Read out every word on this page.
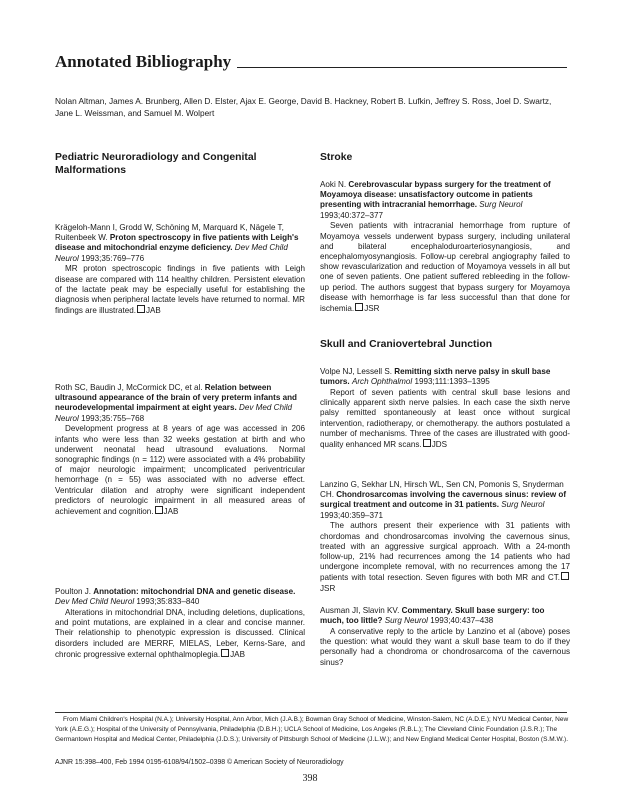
Annotated Bibliography
Nolan Altman, James A. Brunberg, Allen D. Elster, Ajax E. George, David B. Hackney, Robert B. Lufkin, Jeffrey S. Ross, Joel D. Swartz, Jane L. Weissman, and Samuel M. Wolpert
Pediatric Neuroradiology and Congenital Malformations
Krägeloh-Mann I, Grodd W, Schöning M, Marquard K, Nägele T, Ruitenbeek W. Proton spectroscopy in five patients with Leigh's disease and mitochondrial enzyme deficiency. Dev Med Child Neurol 1993;35:769–776
MR proton spectroscopic findings in five patients with Leigh disease are compared with 114 healthy children. Persistent elevation of the lactate peak may be especially useful for establishing the diagnosis when peripheral lactate levels have returned to normal. MR findings are illustrated. JAB
Roth SC, Baudin J, McCormick DC, et al. Relation between ultrasound appearance of the brain of very preterm infants and neurodevelopmental impairment at eight years. Dev Med Child Neurol 1993;35:755–768
Development progress at 8 years of age was accessed in 206 infants who were less than 32 weeks gestation at birth and who underwent neonatal head ultrasound evaluations. Normal sonographic findings (n = 112) were associated with a 4% probability of major neurologic impairment; uncomplicated periventricular hemorrhage (n = 55) was associated with no adverse effect. Ventricular dilation and atrophy were significant independent predictors of neurologic impairment in all measured areas of achievement and cognition. JAB
Poulton J. Annotation: mitochondrial DNA and genetic disease. Dev Med Child Neurol 1993;35:833–840
Alterations in mitochondrial DNA, including deletions, duplications, and point mutations, are explained in a clear and concise manner. Their relationship to phenotypic expression is discussed. Clinical disorders included are MERRF, MIELAS, Leber, Kerns-Sare, and chronic progressive external ophthalmoplegia. JAB
Stroke
Aoki N. Cerebrovascular bypass surgery for the treatment of Moyamoya disease: unsatisfactory outcome in patients presenting with intracranial hemorrhage. Surg Neurol 1993;40:372–377
Seven patients with intracranial hemorrhage from rupture of Moyamoya vessels underwent bypass surgery, including unilateral and bilateral encephaloduroarteriosynangiosis, and encephalomyosynangiosis. Follow-up cerebral angiography failed to show revascularization and reduction of Moyamoya vessels in all but one of seven patients. One patient suffered rebleeding in the follow-up period. The authors suggest that bypass surgery for Moyamoya disease with hemorrhage is far less successful than that done for ischemia. JSR
Skull and Craniovertebral Junction
Volpe NJ, Lessell S. Remitting sixth nerve palsy in skull base tumors. Arch Ophthalmol 1993;111:1393–1395
Report of seven patients with central skull base lesions and clinically apparent sixth nerve palsies. In each case the sixth nerve palsy remitted spontaneously at least once without surgical intervention, radiotherapy, or chemotherapy. the authors postulated a number of mechanisms. Three of the cases are illustrated with good-quality enhanced MR scans. JDS
Lanzino G, Sekhar LN, Hirsch WL, Sen CN, Pomonis S, Snyderman CH. Chondrosarcomas involving the cavernous sinus: review of surgical treatment and outcome in 31 patients. Surg Neurol 1993;40:359–371
The authors present their experience with 31 patients with chordomas and chondrosarcomas involving the cavernous sinus, treated with an aggressive surgical approach. With a 24-month follow-up, 21% had recurrences among the 14 patients who had undergone incomplete removal, with no recurrences among the 17 patients with total resection. Seven figures with both MR and CT.JSR
Ausman JI, Slavin KV. Commentary. Skull base surgery: too much, too little? Surg Neurol 1993;40:437–438
A conservative reply to the article by Lanzino et al (above) poses the question: what would they want a skull base team to do if they personally had a chondroma or chondrosarcoma of the cavernous sinus?
From Miami Children's Hospital (N.A.); University Hospital, Ann Arbor, Mich (J.A.B.); Bowman Gray School of Medicine, Winston-Salem, NC (A.D.E.); NYU Medical Center, New York (A.E.G.); Hospital of the University of Pennsylvania, Philadelphia (D.B.H.); UCLA School of Medicine, Los Angeles (R.B.L.); The Cleveland Clinic Foundation (J.S.R.); The Germantown Hospital and Medical Center, Philadelphia (J.D.S.); University of Pittsburgh School of Medicine (J.L.W.); and New England Medical Center Hospital, Boston (S.M.W.).
AJNR 15:398–400, Feb 1994 0195-6108/94/1502–0398 © American Society of Neuroradiology
398
